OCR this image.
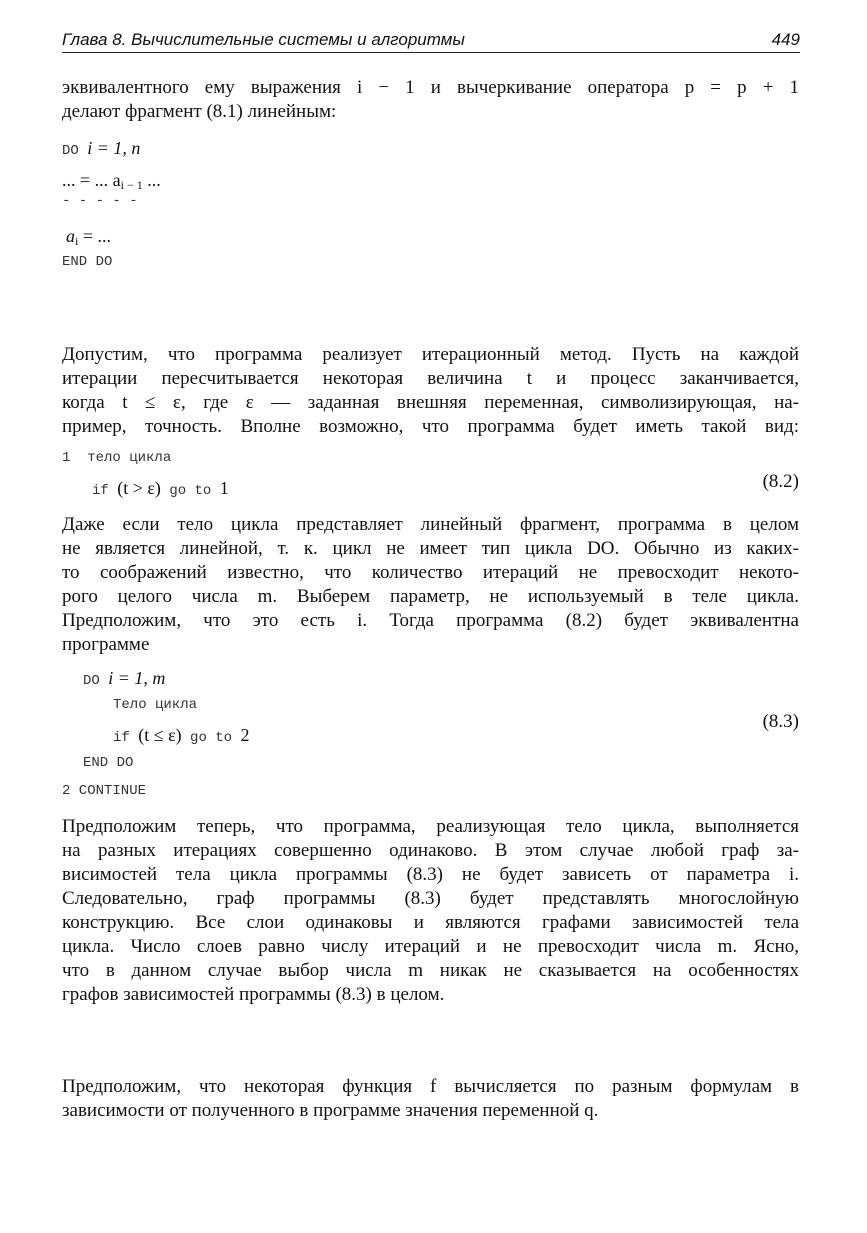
Глава 8. Вычислительные системы и алгоритмы	449
эквивалентного ему выражения i − 1 и вычеркивание оператора p = p + 1
делают фрагмент (8.1) линейным:
DO i = 1, n
... = ... $a_{i - 1}$ ...
- - - - -
$a_i$ = ...
END DO
Допустим, что программа реализует итерационный метод. Пусть на каждой
итерации пересчитывается некоторая величина t и процесс заканчивается,
когда t ≤ ε, где ε — заданная внешняя переменная, символизирующая, на-
пример, точность. Вполне возможно, что программа будет иметь такой вид:
1  тело цикла
if (t > ε) go to 1	(8.2)
Даже если тело цикла представляет линейный фрагмент, программа в целом
не является линейной, т. к. цикл не имеет тип цикла DO. Обычно из каких-
то соображений известно, что количество итераций не превосходит некото-
рого целого числа m. Выберем параметр, не используемый в теле цикла.
Предположим, что это есть i. Тогда программа (8.2) будет эквивалентна
программе
DO i = 1, m
Тело цикла
if (t ≤ ε) go to 2
END DO
2 CONTINUE
(8.3)
Предположим теперь, что программа, реализующая тело цикла, выполняется
на разных итерациях совершенно одинаково. В этом случае любой граф за-
висимостей тела цикла программы (8.3) не будет зависеть от параметра i.
Следовательно, граф программы (8.3) будет представлять многослойную
конструкцию. Все слои одинаковы и являются графами зависимостей тела
цикла. Число слоев равно числу итераций и не превосходит числа m. Ясно,
что в данном случае выбор числа m никак не сказывается на особенностях
графов зависимостей программы (8.3) в целом.
Предположим, что некоторая функция f вычисляется по разным формулам в
зависимости от полученного в программе значения переменной q.
